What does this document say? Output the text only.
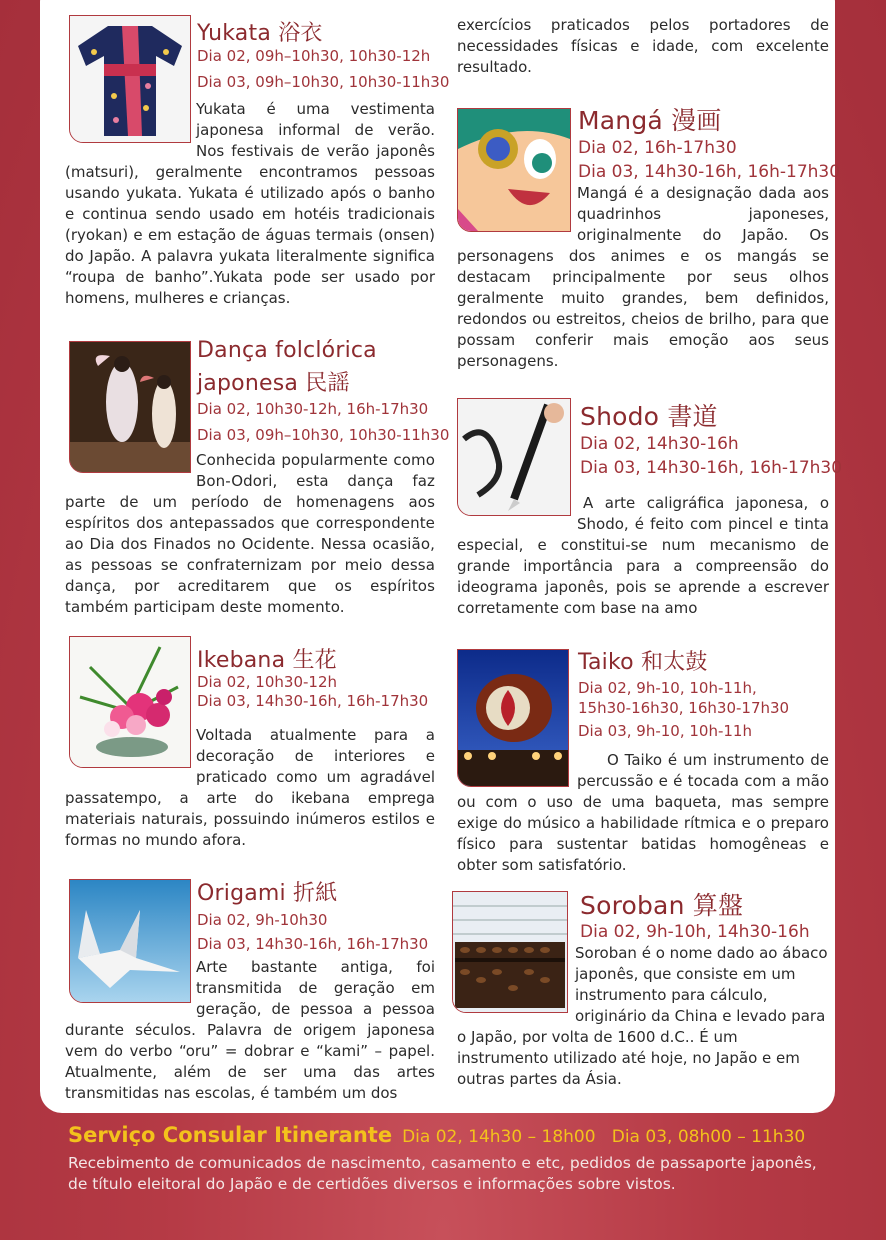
Yukata 浴衣
Dia 02, 09h–10h30, 10h30-12h
Dia 03, 09h–10h30, 10h30-11h30
Yukata é uma vestimenta japonesa informal de verão. Nos festivais de verão japonês (matsuri), geralmente encontramos pessoas usando yukata. Yukata é utilizado após o banho e continua sendo usado em hotéis tradicionais (ryokan) e em estação de águas termais (onsen) do Japão. A palavra yukata literalmente significa “roupa de banho”.Yukata pode ser usado por homens, mulheres e crianças.
Dança folclórica
japonesa 民謡
Dia 02, 10h30-12h, 16h-17h30
Dia 03, 09h–10h30, 10h30-11h30
Conhecida popularmente como Bon-Odori, esta dança faz parte de um período de homenagens aos espíritos dos antepassados que correspondente ao Dia dos Finados no Ocidente. Nessa ocasião, as pessoas se confraternizam por meio dessa dança, por acreditarem que os espíritos também participam deste momento.
Ikebana 生花
Dia 02, 10h30-12h
Dia 03, 14h30-16h, 16h-17h30
Voltada atualmente para a decoração de interiores e praticado como um agradável passatempo, a arte do ikebana emprega materiais naturais, possuindo inúmeros estilos e formas no mundo afora.
Origami 折紙
Dia 02, 9h-10h30
Dia 03, 14h30-16h, 16h-17h30
Arte bastante antiga, foi transmitida de geração em geração, de pessoa a pessoa durante séculos. Palavra de origem japonesa vem do verbo “oru” = dobrar e “kami” – papel. Atualmente, além de ser uma das artes transmitidas nas escolas, é também um dos
exercícios praticados pelos portadores de necessidades físicas e idade, com excelente resultado.
Mangá 漫画
Dia 02, 16h-17h30
Dia 03, 14h30-16h, 16h-17h30
Mangá é a designação dada aos quadrinhos japoneses, originalmente do Japão. Os personagens dos animes e os mangás se destacam principalmente por seus olhos geralmente muito grandes, bem definidos, redondos ou estreitos, cheios de brilho, para que possam conferir mais emoção aos seus personagens.
Shodo 書道
Dia 02, 14h30-16h
Dia 03, 14h30-16h, 16h-17h30
A arte caligráfica japonesa, o Shodo, é feito com pincel e tinta especial, e constitui-se num mecanismo de grande importância para a compreensão do ideograma japonês, pois se aprende a escrever corretamente com base na amo
Taiko 和太鼓
Dia 02, 9h-10, 10h-11h,
15h30-16h30, 16h30-17h30
Dia 03, 9h-10, 10h-11h
O Taiko é um instrumento de percussão e é tocada com a mão ou com o uso de uma baqueta, mas sempre exige do músico a habilidade rítmica e o preparo físico para sustentar batidas homogêneas e obter som satisfatório.
Soroban 算盤
Dia 02, 9h-10h, 14h30-16h
Soroban é o nome dado ao ábaco japonês, que consiste em um instrumento para cálculo, originário da China e levado para o Japão, por volta de 1600 d.C.. É um instrumento utilizado até hoje, no Japão e em outras partes da Ásia.
Serviço Consular Itinerante Dia 02, 14h30 – 18h00   Dia 03, 08h00 – 11h30
Recebimento de comunicados de nascimento, casamento e etc, pedidos de passaporte japonês, de título eleitoral do Japão e de certidões diversos e informações sobre vistos.
